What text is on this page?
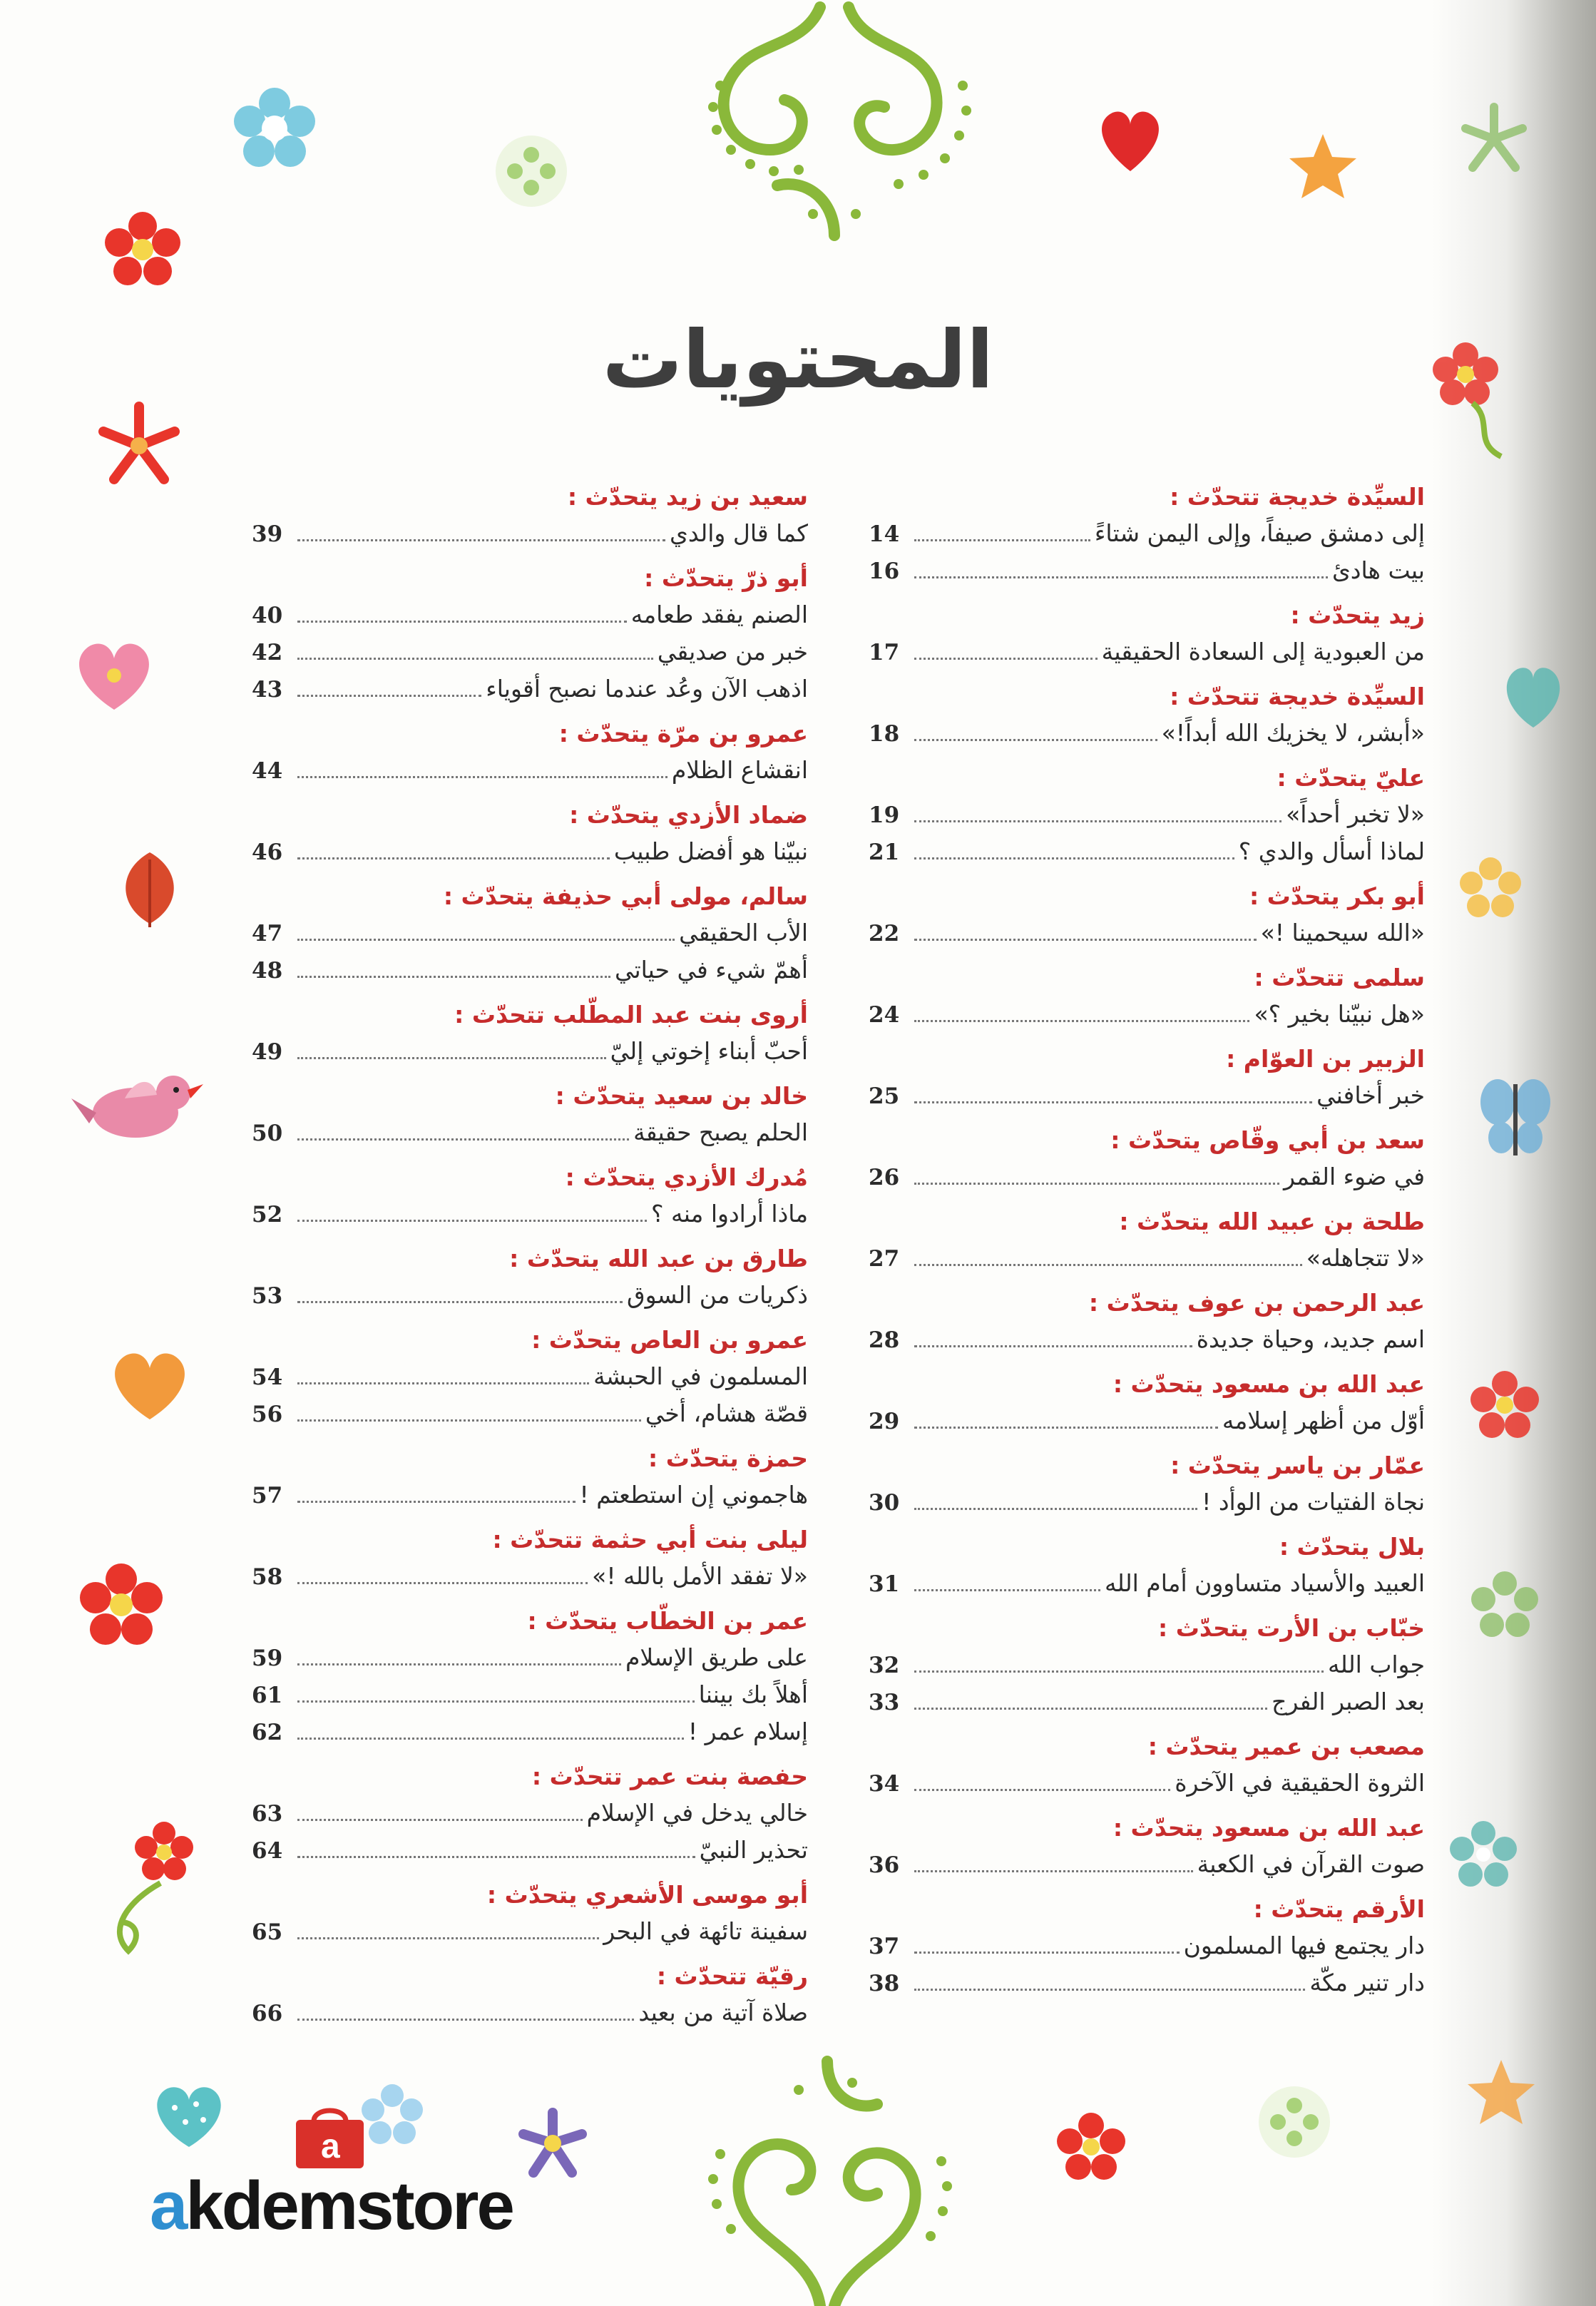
المحتويات
السيِّدة خديجة تتحدّث :
إلى دمشق صيفاً، وإلى اليمن شتاءً
14
بيت هادئ
16
زيد يتحدّث :
من العبودية إلى السعادة الحقيقية
17
السيِّدة خديجة تتحدّث :
«أبشر، لا يخزيك الله أبداً!»
18
عليّ يتحدّث :
«لا تخبر أحداً»
19
لماذا أسأل والدي ؟
21
أبو بكر يتحدّث :
«الله سيحمينا !»
22
سلمى تتحدّث :
«هل نبيّنا بخير ؟»
24
الزبير بن العوّام :
خبر أخافني
25
سعد بن أبي وقّاص يتحدّث :
في ضوء القمر
26
طلحة بن عبيد الله يتحدّث :
«لا تتجاهله»
27
عبد الرحمن بن عوف يتحدّث :
اسم جديد، وحياة جديدة
28
عبد الله بن مسعود يتحدّث :
أوّل من أظهر إسلامه
29
عمّار بن ياسر يتحدّث :
نجاة الفتيات من الوأد !
30
بلال يتحدّث :
العبيد والأسياد متساوون أمام الله
31
خبّاب بن الأرت يتحدّث :
جواب الله
32
بعد الصبر الفرج
33
مصعب بن عمير يتحدّث :
الثروة الحقيقية في الآخرة
34
عبد الله بن مسعود يتحدّث :
صوت القرآن في الكعبة
36
الأرقم يتحدّث :
دار يجتمع فيها المسلمون
37
دار تنير مكّة
38
سعيد بن زيد يتحدّث :
كما قال والدي
39
أبو ذرّ يتحدّث :
الصنم يفقد طعامه
40
خبر من صديقي
42
اذهب الآن وعُد عندما نصبح أقوياء
43
عمرو بن مرّة يتحدّث :
انقشاع الظلام
44
ضماد الأزدي يتحدّث :
نبيّنا هو أفضل طبيب
46
سالم، مولى أبي حذيفة يتحدّث :
الأب الحقيقي
47
أهمّ شيء في حياتي
48
أروى بنت عبد المطّلب تتحدّث :
أحبّ أبناء إخوتي إليّ
49
خالد بن سعيد يتحدّث :
الحلم يصبح حقيقة
50
مُدرك الأزدي يتحدّث :
ماذا أرادوا منه ؟
52
طارق بن عبد الله يتحدّث :
ذكريات من السوق
53
عمرو بن العاص يتحدّث :
المسلمون في الحبشة
54
قصّة هشام، أخي
56
حمزة يتحدّث :
هاجموني إن استطعتم !
57
ليلى بنت أبي حثمة تتحدّث :
«لا تفقد الأمل بالله !»
58
عمر بن الخطّاب يتحدّث :
على طريق الإسلام
59
أهلاً بك بيننا
61
إسلام عمر !
62
حفصة بنت عمر تتحدّث :
خالي يدخل في الإسلام
63
تحذير النبيّ
64
أبو موسى الأشعري يتحدّث :
سفينة تائهة في البحر
65
رقيّة تتحدّث :
صلاة آتية من بعيد
66
a
akdemstore
